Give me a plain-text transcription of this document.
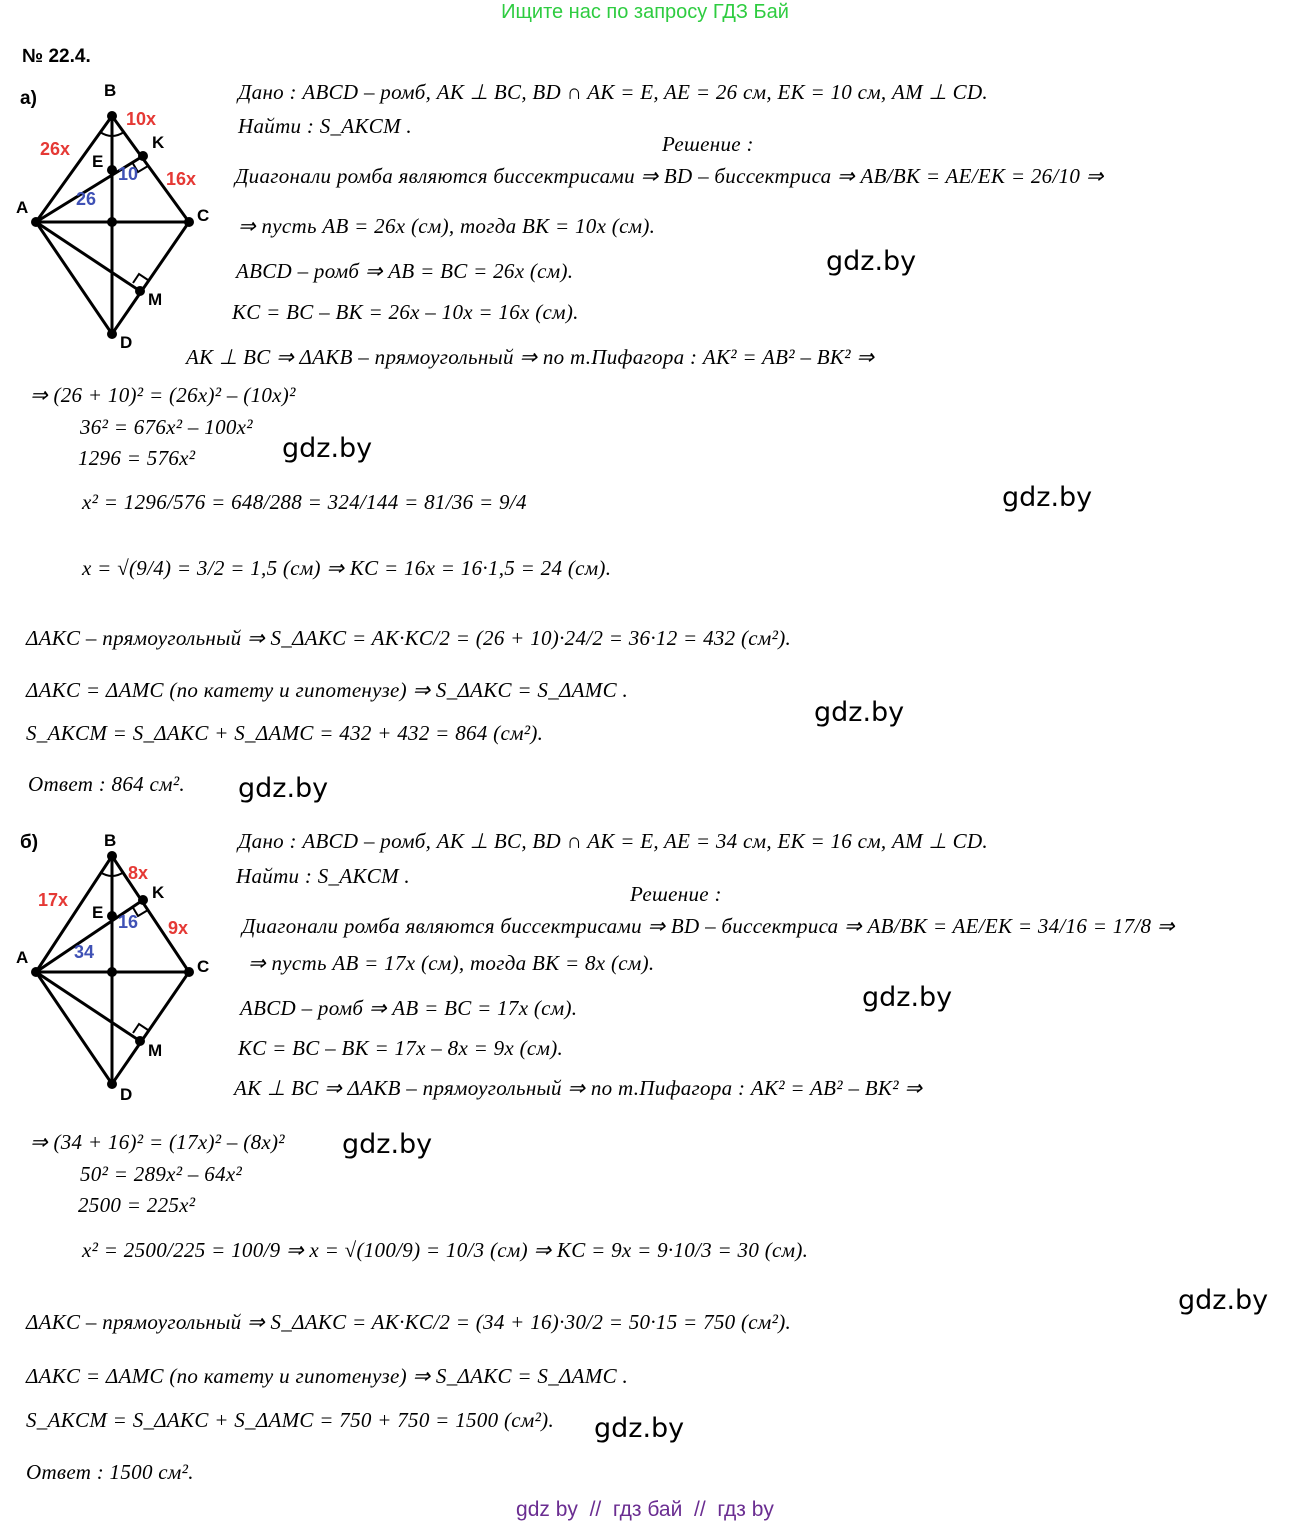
Ищите нас по запросу ГДЗ Бай
№ 22.4.
а)	B
K
E
A	C
M
D
26x
10x
16x
10
26
Дано : ABCD – ромб, AK ⊥ BC, BD ∩ AK = E, AE = 26 см, EK = 10 см, AM ⊥ CD.
Найти : S_AKCM .
Решение :
Диагонали ромба являются биссектрисами ⇒ BD – биссектриса ⇒ AB/BK = AE/EK = 26/10 ⇒
⇒ пусть AB = 26x (см), тогда BK = 10x (см).
ABCD – ромб ⇒ AB = BC = 26x (см).
KC = BC – BK = 26x – 10x = 16x (см).
AK ⊥ BC ⇒ ΔAKB – прямоугольный ⇒ по т.Пифагора : AK² = AB² – BK² ⇒
⇒ (26 + 10)² = (26x)² – (10x)²
36² = 676x² – 100x²
1296 = 576x²
x² = 1296/576 = 648/288 = 324/144 = 81/36 = 9/4
x = √(9/4) = 3/2 = 1,5 (см) ⇒ KC = 16x = 16·1,5 = 24 (см).
ΔAKC – прямоугольный ⇒ S_ΔAKC = AK·KC/2 = (26 + 10)·24/2 = 36·12 = 432 (см²).
ΔAKC = ΔAMC (по катету и гипотенузе) ⇒ S_ΔAKC = S_ΔAMC .
S_AKCM = S_ΔAKC + S_ΔAMC = 432 + 432 = 864 (см²).
Ответ : 864 см².
gdz.by
gdz.by
gdz.by
gdz.by
gdz.by
б)	B
K
E
A	C
M
D
17x
8x
9x
16
34
Дано : ABCD – ромб, AK ⊥ BC, BD ∩ AK = E, AE = 34 см, EK = 16 см, AM ⊥ CD.
Найти : S_AKCM .
Решение :
Диагонали ромба являются биссектрисами ⇒ BD – биссектриса ⇒ AB/BK = AE/EK = 34/16 = 17/8 ⇒
⇒ пусть AB = 17x (см), тогда BK = 8x (см).
ABCD – ромб ⇒ AB = BC = 17x (см).
KC = BC – BK = 17x – 8x = 9x (см).
AK ⊥ BC ⇒ ΔAKB – прямоугольный ⇒ по т.Пифагора : AK² = AB² – BK² ⇒
⇒ (34 + 16)² = (17x)² – (8x)²
50² = 289x² – 64x²
2500 = 225x²
x² = 2500/225 = 100/9 ⇒ x = √(100/9) = 10/3 (см) ⇒ KC = 9x = 9·10/3 = 30 (см).
ΔAKC – прямоугольный ⇒ S_ΔAKC = AK·KC/2 = (34 + 16)·30/2 = 50·15 = 750 (см²).
ΔAKC = ΔAMC (по катету и гипотенузе) ⇒ S_ΔAKC = S_ΔAMC .
S_AKCM = S_ΔAKC + S_ΔAMC = 750 + 750 = 1500 (см²).
Ответ : 1500 см².
gdz.by
gdz.by
gdz.by
gdz.by
gdz by  //  гдз бай  //  гдз by
